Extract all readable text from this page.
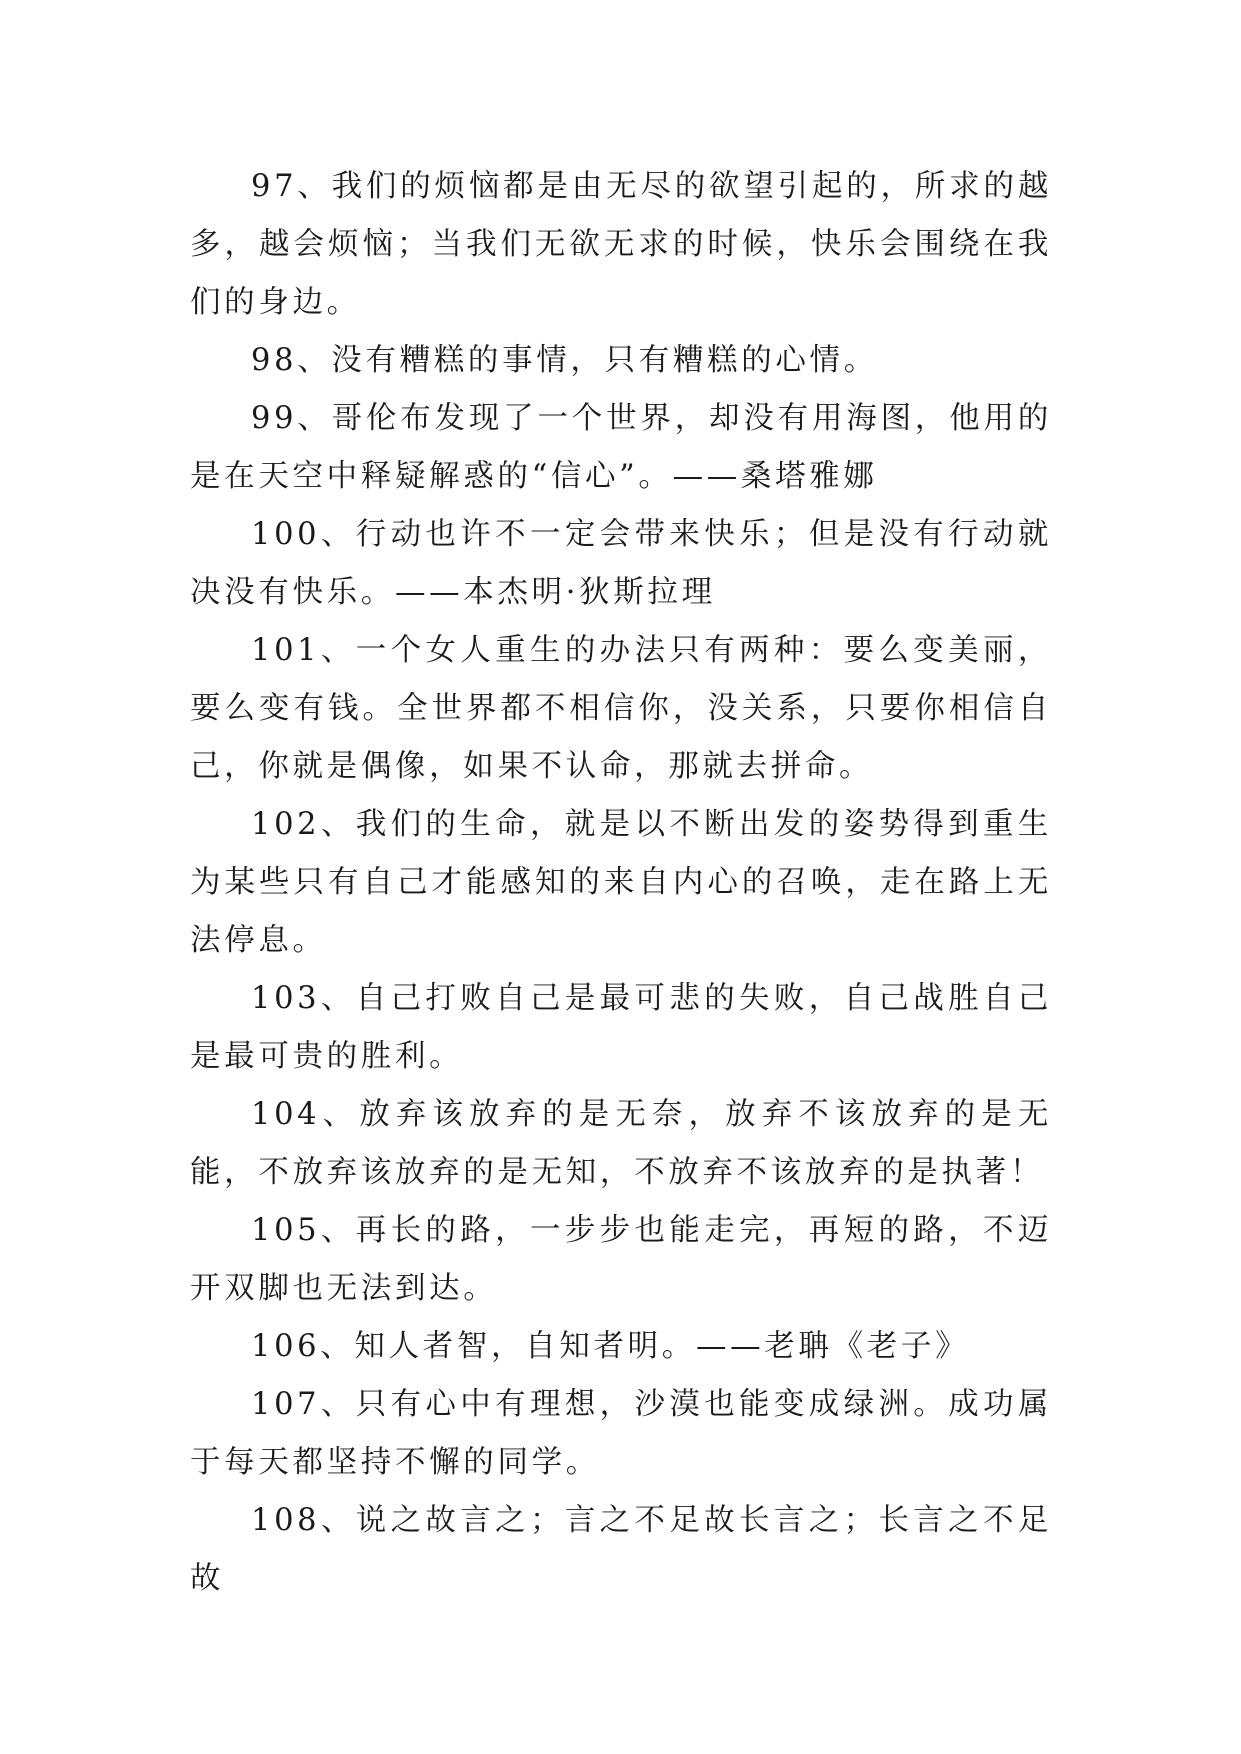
97、我们的烦恼都是由无尽的欲望引起的，所求的越多，越会烦恼；当我们无欲无求的时候，快乐会围绕在我们的身边。

98、没有糟糕的事情，只有糟糕的心情。

99、哥伦布发现了一个世界，却没有用海图，他用的是在天空中释疑解惑的“信心”。——桑塔雅娜

100、行动也许不一定会带来快乐；但是没有行动就决没有快乐。——本杰明·狄斯拉理

101、一个女人重生的办法只有两种：要么变美丽，要么变有钱。全世界都不相信你，没关系，只要你相信自己，你就是偶像，如果不认命，那就去拼命。

102、我们的生命，就是以不断出发的姿势得到重生为某些只有自己才能感知的来自内心的召唤，走在路上无法停息。

103、自己打败自己是最可悲的失败，自己战胜自己是最可贵的胜利。

104、放弃该放弃的是无奈，放弃不该放弃的是无能，不放弃该放弃的是无知，不放弃不该放弃的是执著！

105、再长的路，一步步也能走完，再短的路，不迈开双脚也无法到达。

106、知人者智，自知者明。——老聃《老子》

107、只有心中有理想，沙漠也能变成绿洲。成功属于每天都坚持不懈的同学。

108、说之故言之；言之不足故长言之；长言之不足故
